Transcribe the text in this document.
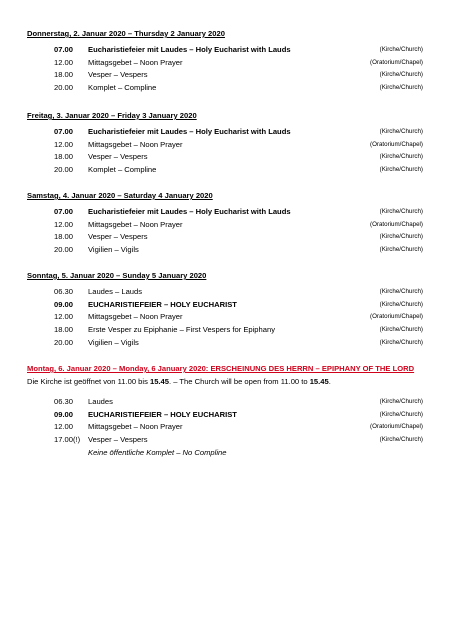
Donnerstag, 2. Januar 2020 – Thursday 2 January 2020
07.00 Eucharistiefeier mit Laudes – Holy Eucharist with Lauds	(Kirche/Church)
12.00 Mittagsgebet – Noon Prayer	(Oratorium/Chapel)
18.00 Vesper – Vespers	(Kirche/Church)
20.00 Komplet – Compline	(Kirche/Church)
Freitag, 3. Januar 2020 – Friday 3 January 2020
07.00 Eucharistiefeier mit Laudes – Holy Eucharist with Lauds	(Kirche/Church)
12.00 Mittagsgebet – Noon Prayer	(Oratorium/Chapel)
18.00 Vesper – Vespers	(Kirche/Church)
20.00 Komplet – Compline	(Kirche/Church)
Samstag, 4. Januar 2020 – Saturday 4 January 2020
07.00 Eucharistiefeier mit Laudes – Holy Eucharist with Lauds	(Kirche/Church)
12.00 Mittagsgebet – Noon Prayer	(Oratorium/Chapel)
18.00 Vesper – Vespers	(Kirche/Church)
20.00 Vigilien – Vigils	(Kirche/Church)
Sonntag, 5. Januar 2020 – Sunday 5 January 2020
06.30 Laudes – Lauds	(Kirche/Church)
09.00 EUCHARISTIEFEIER – HOLY EUCHARIST	(Kirche/Church)
12.00 Mittagsgebet – Noon Prayer	(Oratorium/Chapel)
18.00 Erste Vesper zu Epiphanie – First Vespers for Epiphany	(Kirche/Church)
20.00 Vigilien – Vigils	(Kirche/Church)
Montag, 6. Januar 2020 – Monday, 6 January 2020: ERSCHEINUNG DES HERRN – EPIPHANY OF THE LORD
Die Kirche ist geöffnet von 11.00 bis 15.45. – The Church will be open from 11.00 to 15.45.
06.30 Laudes	(Kirche/Church)
09.00 EUCHARISTIEFEIER – HOLY EUCHARIST	(Kirche/Church)
12.00 Mittagsgebet – Noon Prayer	(Oratorium/Chapel)
17.00(!) Vesper – Vespers	(Kirche/Church)
Keine öffentliche Komplet – No Compline
